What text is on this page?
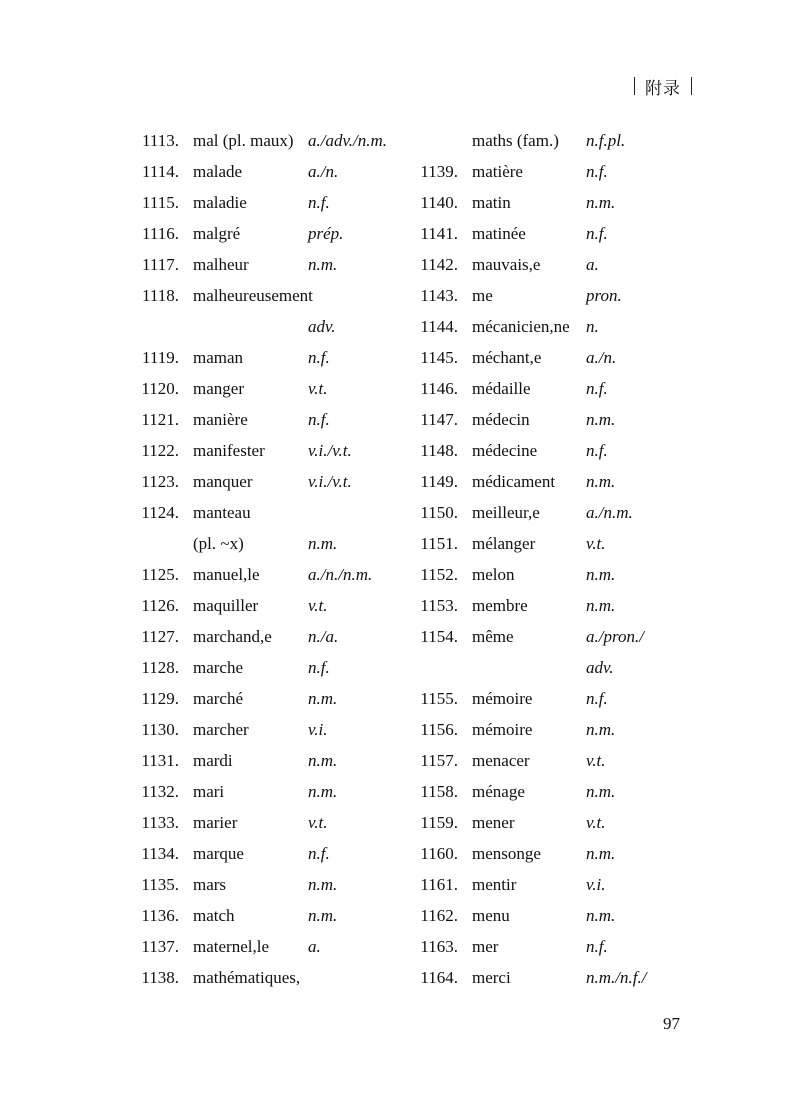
附录
1113. mal (pl. maux) a./adv./n.m.
1114. malade	a./n.
1115. maladie	n.f.
1116. malgré	prép.
1117. malheur	n.m.
1118. malheureusement
adv.
1119. maman	n.f.
1120. manger	v.t.
1121. manière	n.f.
1122. manifester	v.i./v.t.
1123. manquer	v.i./v.t.
1124. manteau
(pl. ~x)	n.m.
1125. manuel,le	a./n./n.m.
1126. maquiller	v.t.
1127. marchand,e n./a.
1128. marche	n.f.
1129. marché	n.m.
1130. marcher	v.i.
1131. mardi	n.m.
1132. mari	n.m.
1133. marier	v.t.
1134. marque	n.f.
1135. mars	n.m.
1136. match	n.m.
1137. maternel,le a.
1138. mathématiques,
maths (fam.) n.f.pl.
1139. matière	n.f.
1140. matin	n.m.
1141. matinée	n.f.
1142. mauvais,e	a.
1143. me	pron.
1144. mécanicien,ne n.
1145. méchant,e	a./n.
1146. médaille	n.f.
1147. médecin	n.m.
1148. médecine	n.f.
1149. médicament n.m.
1150. meilleur,e	a./n.m.
1151. mélanger	v.t.
1152. melon	n.m.
1153. membre	n.m.
1154. même	a./pron./
adv.
1155. mémoire	n.f.
1156. mémoire	n.m.
1157. menacer	v.t.
1158. ménage	n.m.
1159. mener	v.t.
1160. mensonge	n.m.
1161. mentir	v.i.
1162. menu	n.m.
1163. mer	n.f.
1164. merci	n.m./n.f./
97
